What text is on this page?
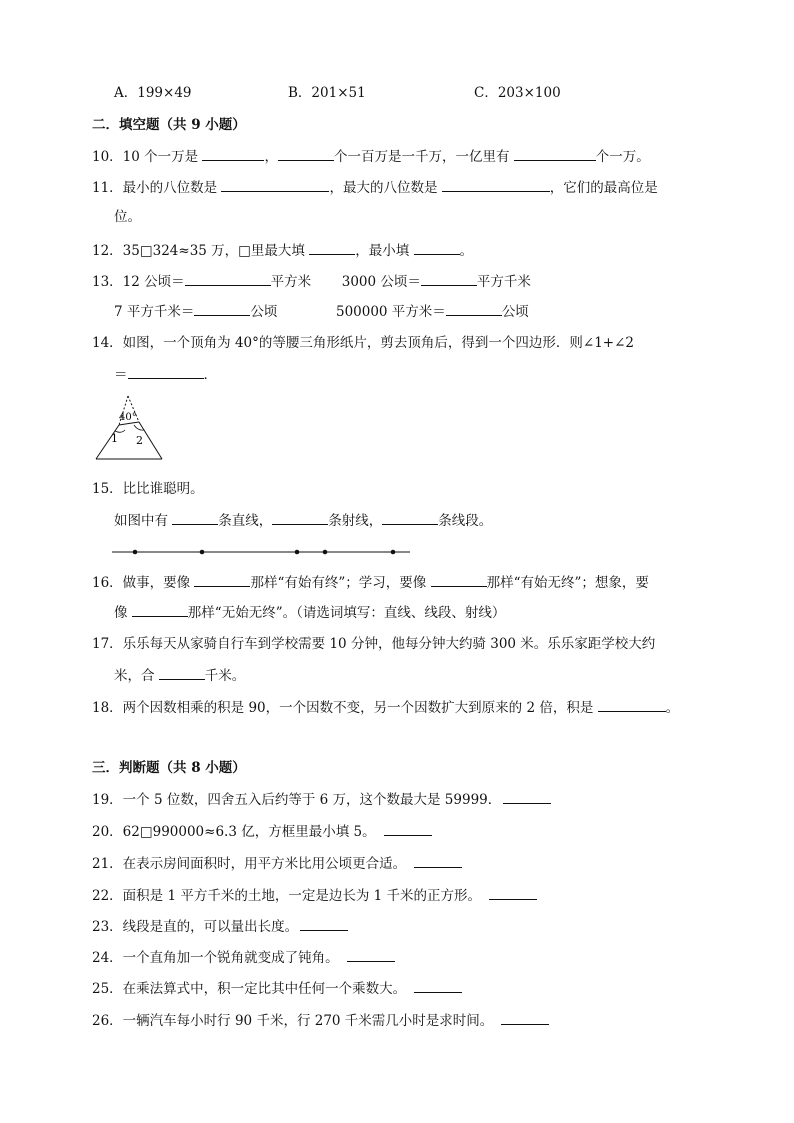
A．199×49	B．201×51	C．203×100
二．填空题（共 9 小题）
10．10 个一万是	，	个一百万是一千万，一亿里有	个一万。
11．最小的八位数是	，最大的八位数是	，它们的最高位是
位。
12．35□324≈35 万，□里最大填	，最小填	。
13．12 公顷＝	平方米 3000 公顷＝	平方千米
7 平方千米＝	公顷	500000 平方米＝	公顷
14．如图，一个顶角为 40°的等腰三角形纸片，剪去顶角后，得到一个四边形．则∠1+∠2
＝	．
40°
1 2
15．比比谁聪明。
如图中有	条直线，	条射线，	条线段。
16．做事，要像	那样“有始有终”；学习，要像	那样“有始无终”；想象，要
像	那样“无始无终”。（请选词填写：直线、线段、射线）
17．乐乐每天从家骑自行车到学校需要 10 分钟，他每分钟大约骑 300 米。乐乐家距学校大约
米，合	千米。
18．两个因数相乘的积是 90，一个因数不变，另一个因数扩大到原来的 2 倍，积是	。
三．判断题（共 8 小题）
19．一个 5 位数，四舍五入后约等于 6 万，这个数最大是 59999．
20．62□990000≈6.3 亿，方框里最小填 5。
21．在表示房间面积时，用平方米比用公顷更合适。
22．面积是 1 平方千米的土地，一定是边长为 1 千米的正方形。
23．线段是直的，可以量出长度。
24．一个直角加一个锐角就变成了钝角。
25．在乘法算式中，积一定比其中任何一个乘数大。
26．一辆汽车每小时行 90 千米，行 270 千米需几小时是求时间。
